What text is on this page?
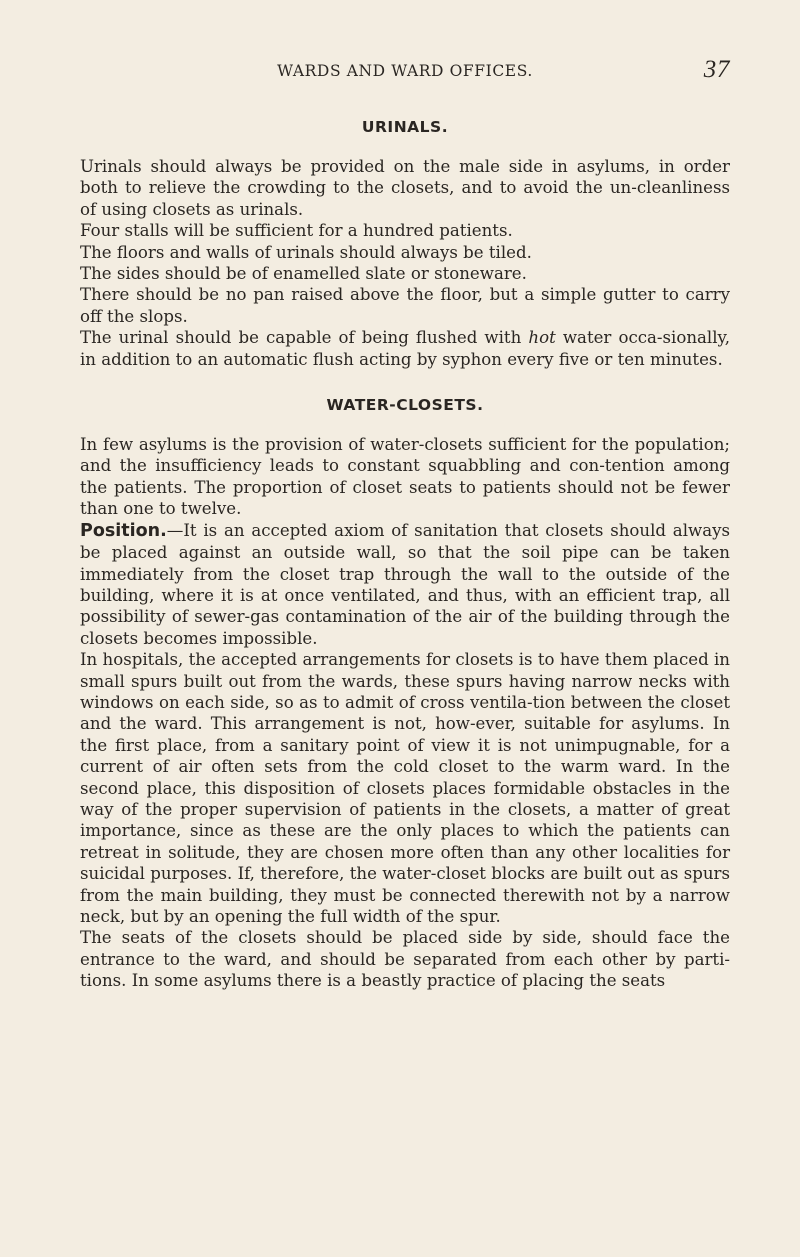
WARDS AND WARD OFFICES.	37
URINALS.

Urinals should always be provided on the male side in asylums, in order both to relieve the crowding to the closets, and to avoid the un-cleanliness of using closets as urinals.

Four stalls will be sufficient for a hundred patients.

The floors and walls of urinals should always be tiled.

The sides should be of enamelled slate or stoneware.

There should be no pan raised above the floor, but a simple gutter to carry off the slops.

The urinal should be capable of being flushed with hot water occa-sionally, in addition to an automatic flush acting by syphon every five or ten minutes.

WATER-CLOSETS.

In few asylums is the provision of water-closets sufficient for the population; and the insufficiency leads to constant squabbling and con-tention among the patients. The proportion of closet seats to patients should not be fewer than one to twelve.

Position.—It is an accepted axiom of sanitation that closets should always be placed against an outside wall, so that the soil pipe can be taken immediately from the closet trap through the wall to the outside of the building, where it is at once ventilated, and thus, with an efficient trap, all possibility of sewer-gas contamination of the air of the building through the closets becomes impossible.

In hospitals, the accepted arrangements for closets is to have them placed in small spurs built out from the wards, these spurs having narrow necks with windows on each side, so as to admit of cross ventila-tion between the closet and the ward. This arrangement is not, how-ever, suitable for asylums. In the first place, from a sanitary point of view it is not unimpugnable, for a current of air often sets from the cold closet to the warm ward. In the second place, this disposition of closets places formidable obstacles in the way of the proper supervision of patients in the closets, a matter of great importance, since as these are the only places to which the patients can retreat in solitude, they are chosen more often than any other localities for suicidal purposes. If, therefore, the water-closet blocks are built out as spurs from the main building, they must be connected therewith not by a narrow neck, but by an opening the full width of the spur.

The seats of the closets should be placed side by side, should face the entrance to the ward, and should be separated from each other by parti-tions. In some asylums there is a beastly practice of placing the seats
